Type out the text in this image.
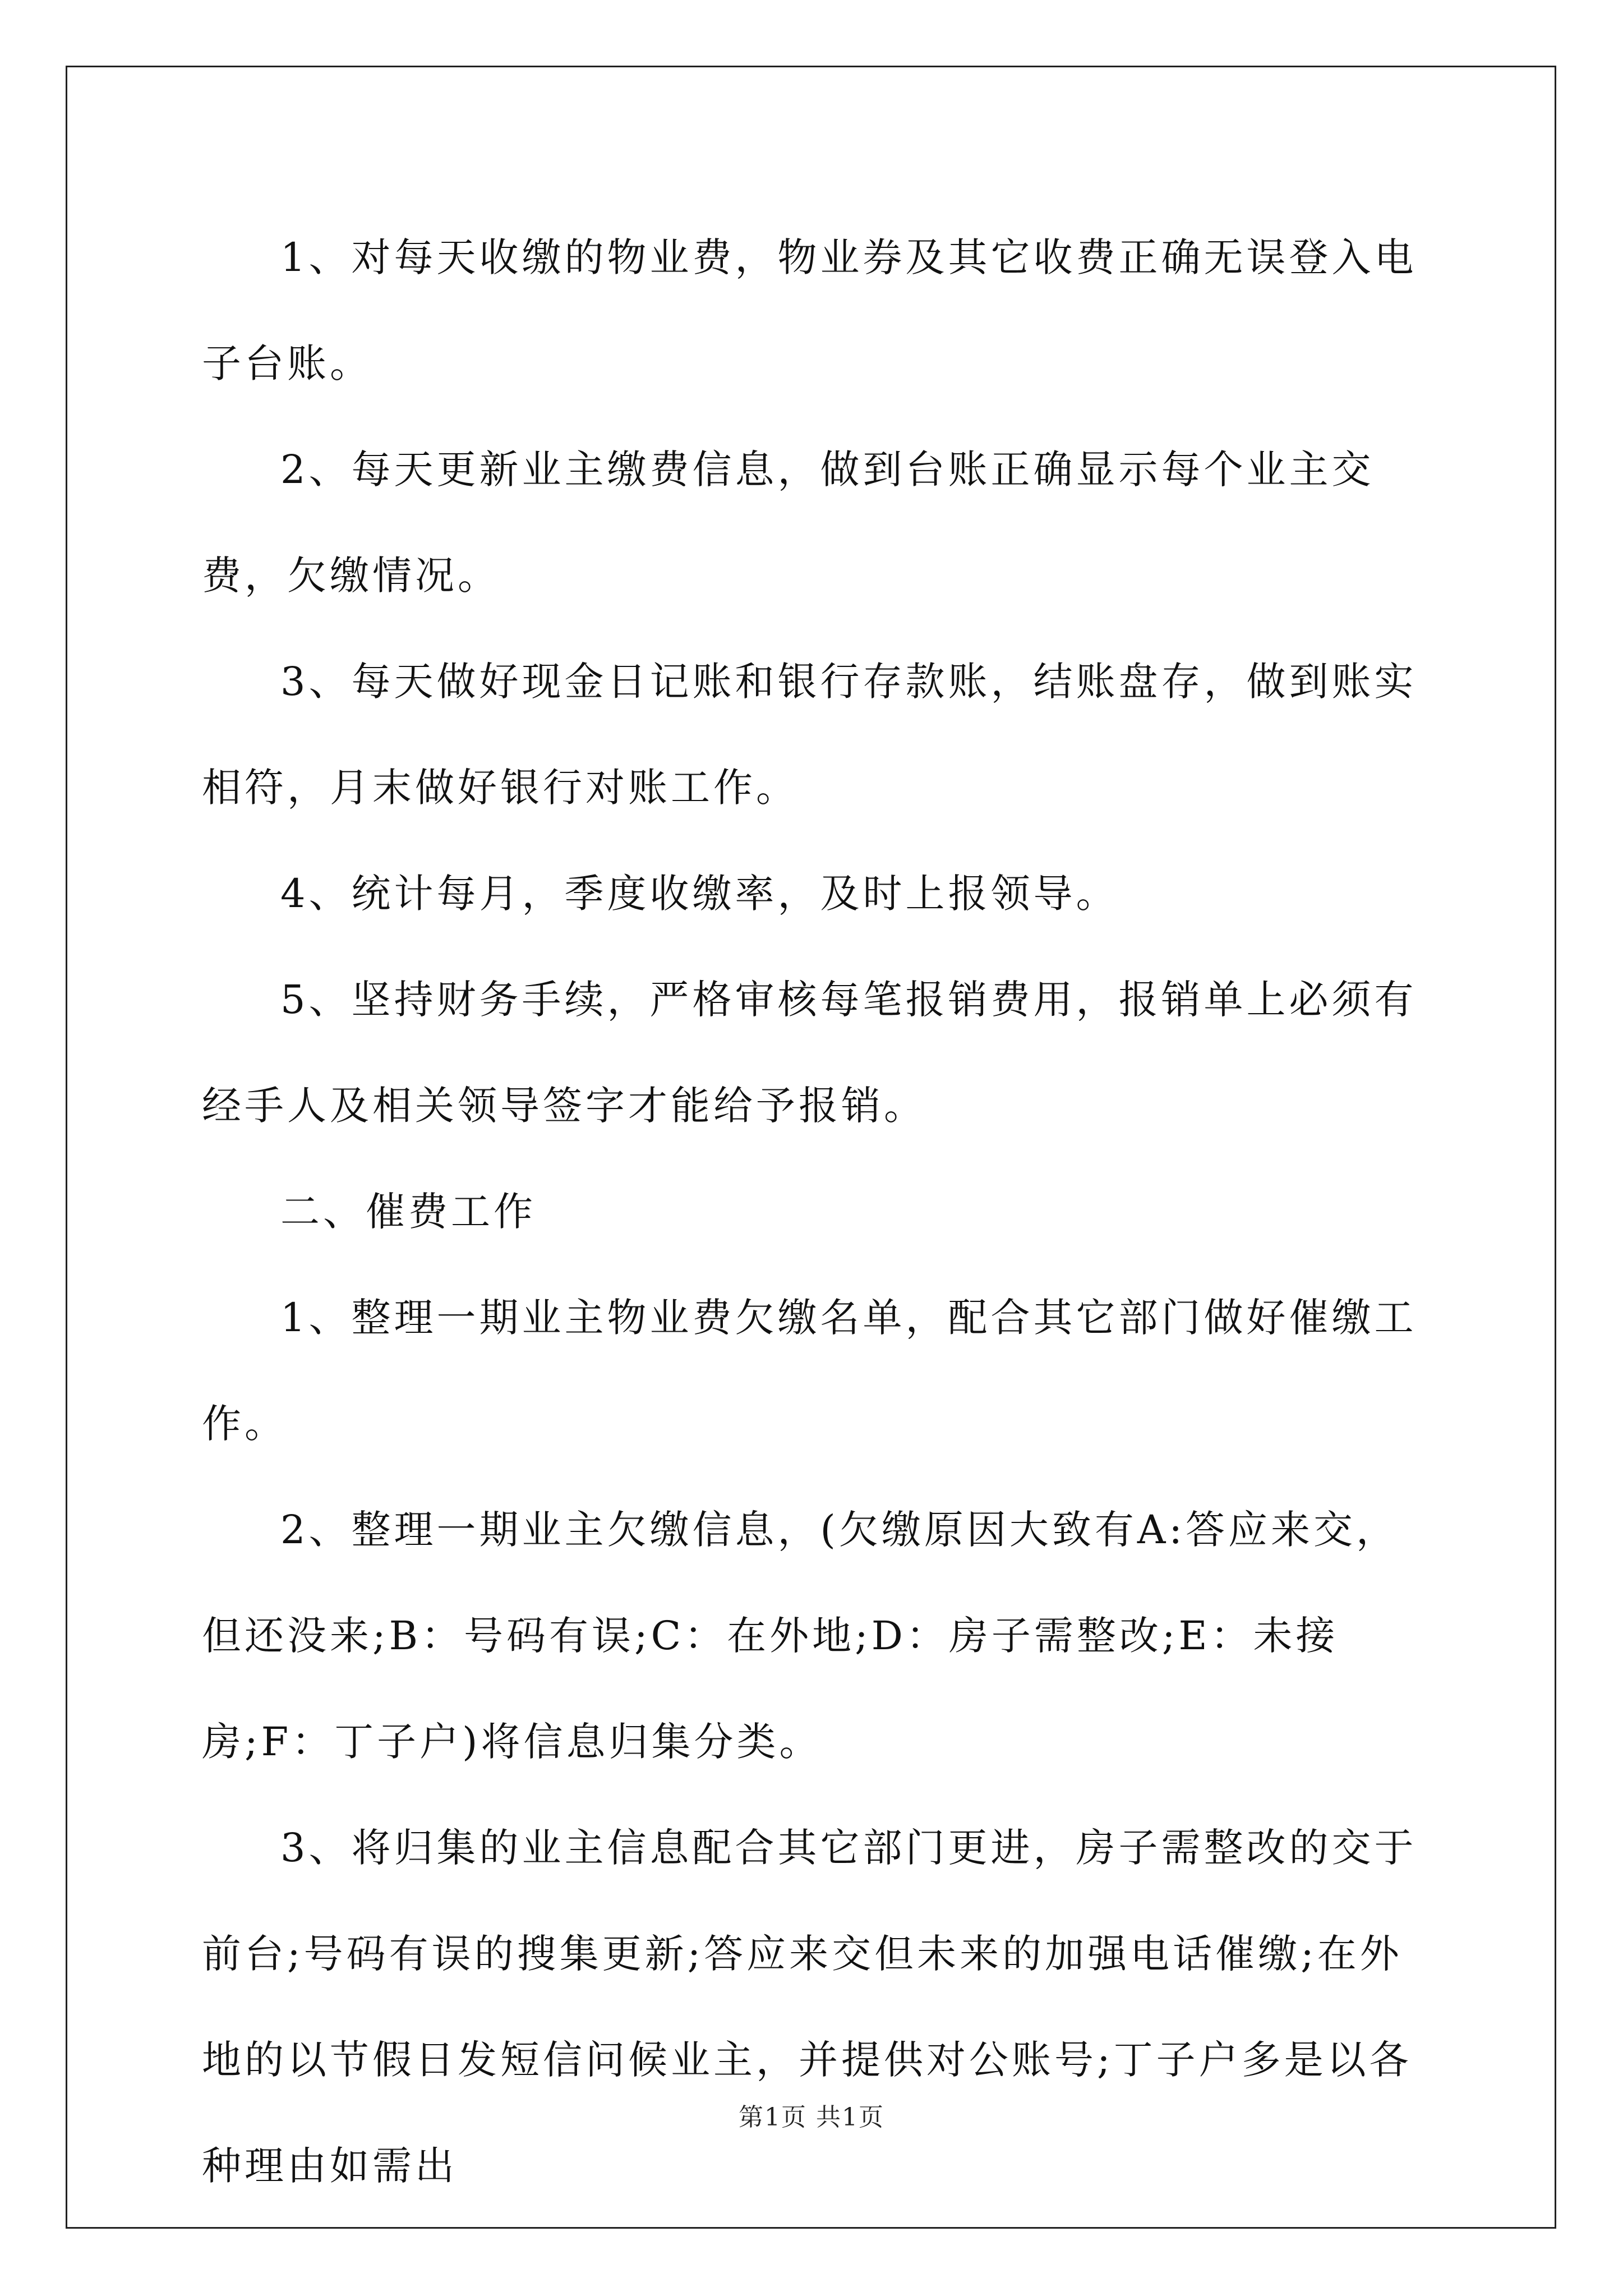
1、对每天收缴的物业费，物业券及其它收费正确无误登入电子台账。

2、每天更新业主缴费信息，做到台账正确显示每个业主交费，欠缴情况。

3、每天做好现金日记账和银行存款账，结账盘存，做到账实相符，月末做好银行对账工作。

4、统计每月，季度收缴率，及时上报领导。

5、坚持财务手续，严格审核每笔报销费用，报销单上必须有经手人及相关领导签字才能给予报销。

二、催费工作

1、整理一期业主物业费欠缴名单，配合其它部门做好催缴工作。

2、整理一期业主欠缴信息，(欠缴原因大致有A:答应来交，但还没来;B：号码有误;C：在外地;D：房子需整改;E：未接房;F：丁子户)将信息归集分类。

3、将归集的业主信息配合其它部门更进，房子需整改的交于前台;号码有误的搜集更新;答应来交但未来的加强电话催缴;在外地的以节假日发短信问候业主，并提供对公账号;丁子户多是以各种理由如需出

第1页 共1页
